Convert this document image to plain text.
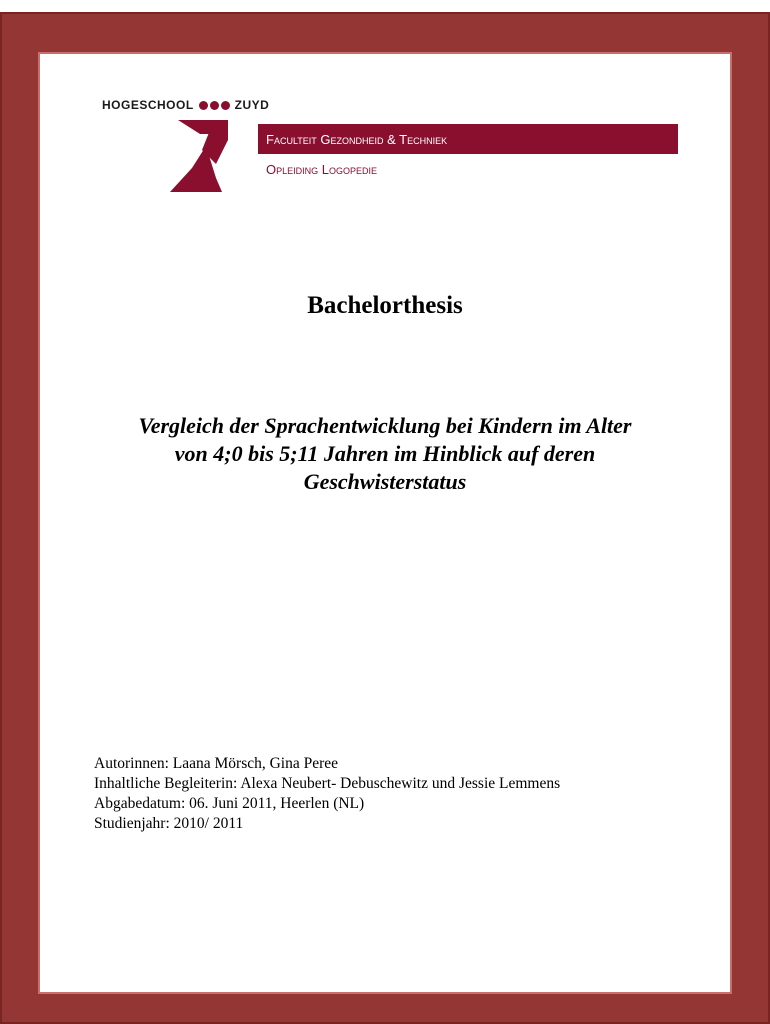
HOGESCHOOL	ZUYD
Faculteit Gezondheid & Techniek
Opleiding Logopedie
Bachelorthesis
Vergleich der Sprachentwicklung bei Kindern im Alter
von 4;0 bis 5;11 Jahren im Hinblick auf deren
Geschwisterstatus
Autorinnen: Laana Mörsch, Gina Peree
Inhaltliche Begleiterin: Alexa Neubert- Debuschewitz und Jessie Lemmens
Abgabedatum: 06. Juni 2011, Heerlen (NL)
Studienjahr: 2010/ 2011
